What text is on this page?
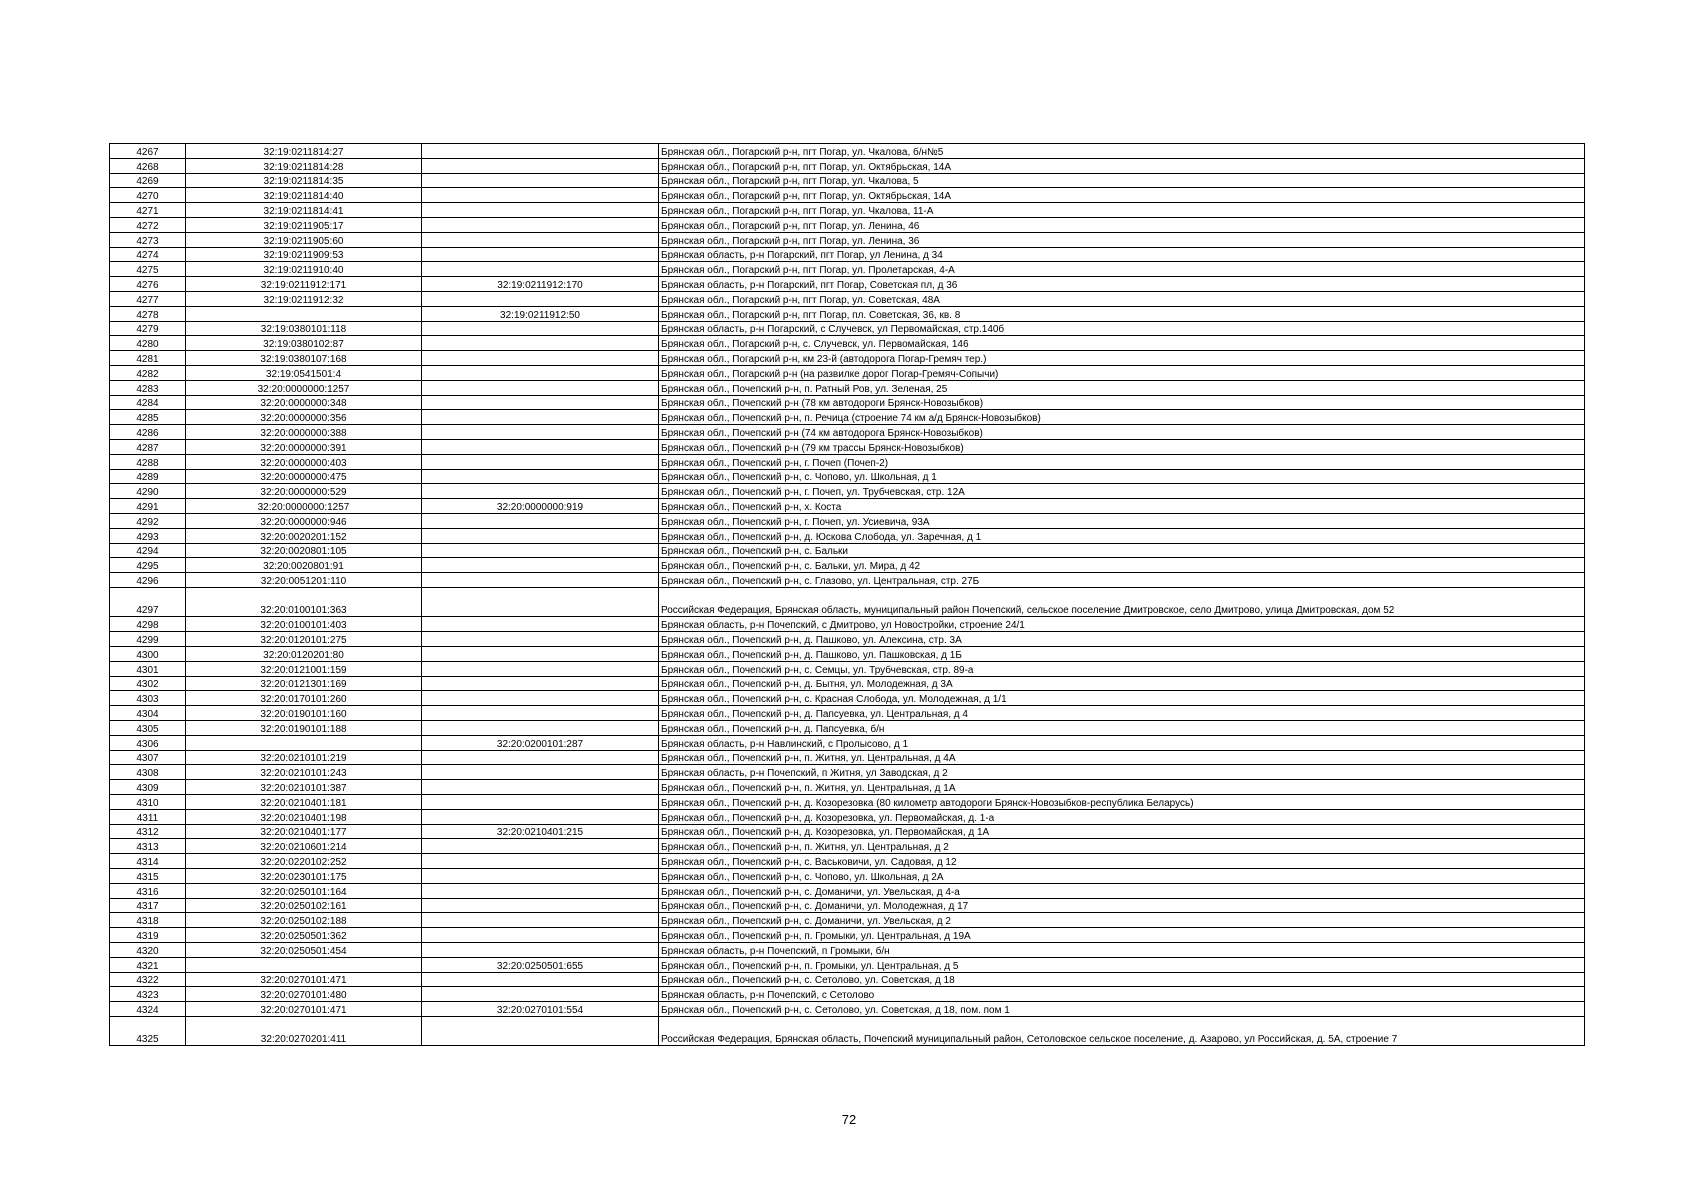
4267	32:19:0211814:27		Брянская обл., Погарский р-н, пгт Погар, ул. Чкалова, б/н№5
4268	32:19:0211814:28		Брянская обл., Погарский р-н, пгт Погар, ул. Октябрьская, 14А
4269	32:19:0211814:35		Брянская обл., Погарский р-н, пгт Погар, ул. Чкалова, 5
4270	32:19:0211814:40		Брянская обл., Погарский р-н, пгт Погар, ул. Октябрьская, 14А
4271	32:19:0211814:41		Брянская обл., Погарский р-н, пгт Погар, ул. Чкалова, 11-А
4272	32:19:0211905:17		Брянская обл., Погарский р-н, пгт Погар, ул. Ленина, 46
4273	32:19:0211905:60		Брянская обл., Погарский р-н, пгт Погар, ул. Ленина, 36
4274	32:19:0211909:53		Брянская область, р-н Погарский, пгт Погар, ул Ленина, д 34
4275	32:19:0211910:40		Брянская обл., Погарский р-н, пгт Погар, ул. Пролетарская, 4-А
4276	32:19:0211912:171	32:19:0211912:170	Брянская область, р-н Погарский, пгт Погар, Советская пл, д 36
4277	32:19:0211912:32		Брянская обл., Погарский р-н, пгт Погар, ул. Советская, 48А
4278		32:19:0211912:50	Брянская обл., Погарский р-н, пгт Погар, пл. Советская, 36, кв. 8
4279	32:19:0380101:118		Брянская область, р-н Погарский, с Случевск, ул Первомайская, стр.140б
4280	32:19:0380102:87		Брянская обл., Погарский р-н, с. Случевск, ул. Первомайская, 146
4281	32:19:0380107:168		Брянская обл., Погарский р-н, км 23-й (автодорога Погар-Гремяч тер.)
4282	32:19:0541501:4		Брянская обл., Погарский р-н (на развилке дорог Погар-Гремяч-Сопычи)
4283	32:20:0000000:1257		Брянская обл., Почепский р-н, п. Ратный Ров, ул. Зеленая, 25
4284	32:20:0000000:348		Брянская обл., Почепский р-н (78 км автодороги Брянск-Новозыбков)
4285	32:20:0000000:356		Брянская обл., Почепский р-н, п. Речица (строение 74 км а/д Брянск-Новозыбков)
4286	32:20:0000000:388		Брянская обл., Почепский р-н (74 км автодорога Брянск-Новозыбков)
4287	32:20:0000000:391		Брянская обл., Почепский р-н (79 км трассы Брянск-Новозыбков)
4288	32:20:0000000:403		Брянская обл., Почепский р-н, г. Почеп (Почеп-2)
4289	32:20:0000000:475		Брянская обл., Почепский р-н, с. Чопово, ул. Школьная, д 1
4290	32:20:0000000:529		Брянская обл., Почепский р-н, г. Почеп, ул. Трубчевская, стр. 12А
4291	32:20:0000000:1257	32:20:0000000:919	Брянская обл., Почепский р-н, х. Коста
4292	32:20:0000000:946		Брянская обл., Почепский р-н, г. Почеп, ул. Усиевича, 93А
4293	32:20:0020201:152		Брянская обл., Почепский р-н, д. Юскова Слобода, ул. Заречная, д 1
4294	32:20:0020801:105		Брянская обл., Почепский р-н, с. Бальки
4295	32:20:0020801:91		Брянская обл., Почепский р-н, с. Бальки, ул. Мира, д 42
4296	32:20:0051201:110		Брянская обл., Почепский р-н, с. Глазово, ул. Центральная, стр. 27Б
4297	32:20:0100101:363		Российская Федерация, Брянская область, муниципальный район Почепский, сельское поселение Дмитровское, село Дмитрово, улица Дмитровская, дом 52
4298	32:20:0100101:403		Брянская область, р-н Почепский, с Дмитрово, ул Новостройки, строение 24/1
4299	32:20:0120101:275		Брянская обл., Почепский р-н, д. Пашково, ул. Алексина, стр. 3А
4300	32:20:0120201:80		Брянская обл., Почепский р-н, д. Пашково, ул. Пашковская, д 1Б
4301	32:20:0121001:159		Брянская обл., Почепский р-н, с. Семцы, ул. Трубчевская, стр. 89-а
4302	32:20:0121301:169		Брянская обл., Почепский р-н, д. Бытня, ул. Молодежная, д 3А
4303	32:20:0170101:260		Брянская обл., Почепский р-н, с. Красная Слобода, ул. Молодежная, д 1/1
4304	32:20:0190101:160		Брянская обл., Почепский р-н, д. Папсуевка, ул. Центральная, д 4
4305	32:20:0190101:188		Брянская обл., Почепский р-н, д. Папсуевка, б/н
4306		32:20:0200101:287	Брянская область, р-н Навлинский, с Пролысово, д 1
4307	32:20:0210101:219		Брянская обл., Почепский р-н, п. Житня, ул. Центральная, д 4А
4308	32:20:0210101:243		Брянская область, р-н Почепский, п Житня, ул Заводская, д 2
4309	32:20:0210101:387		Брянская обл., Почепский р-н, п. Житня, ул. Центральная, д 1А
4310	32:20:0210401:181		Брянская обл., Почепский р-н, д. Козорезовка (80 километр автодороги Брянск-Новозыбков-республика Беларусь)
4311	32:20:0210401:198		Брянская обл., Почепский р-н, д. Козорезовка, ул. Первомайская, д. 1-а
4312	32:20:0210401:177	32:20:0210401:215	Брянская обл., Почепский р-н, д. Козорезовка, ул. Первомайская, д 1А
4313	32:20:0210601:214		Брянская обл., Почепский р-н, п. Житня, ул. Центральная, д 2
4314	32:20:0220102:252		Брянская обл., Почепский р-н, с. Васьковичи, ул. Садовая, д 12
4315	32:20:0230101:175		Брянская обл., Почепский р-н, с. Чопово, ул. Школьная, д 2А
4316	32:20:0250101:164		Брянская обл., Почепский р-н, с. Доманичи, ул. Увельская, д 4-а
4317	32:20:0250102:161		Брянская обл., Почепский р-н, с. Доманичи, ул. Молодежная, д 17
4318	32:20:0250102:188		Брянская обл., Почепский р-н, с. Доманичи, ул. Увельская, д 2
4319	32:20:0250501:362		Брянская обл., Почепский р-н, п. Громыки, ул. Центральная, д 19А
4320	32:20:0250501:454		Брянская область, р-н Почепский, п Громыки, б/н
4321		32:20:0250501:655	Брянская обл., Почепский р-н, п. Громыки, ул. Центральная, д 5
4322	32:20:0270101:471		Брянская обл., Почепский р-н, с. Сетолово, ул. Советская, д 18
4323	32:20:0270101:480		Брянская область, р-н Почепский, с Сетолово
4324	32:20:0270101:471	32:20:0270101:554	Брянская обл., Почепский р-н, с. Сетолово, ул. Советская, д 18, пом. пом 1
4325	32:20:0270201:411		Российская Федерация, Брянская область, Почепский муниципальный район, Сетоловское сельское поселение, д. Азарово, ул Российская, д. 5А, строение 7
72
